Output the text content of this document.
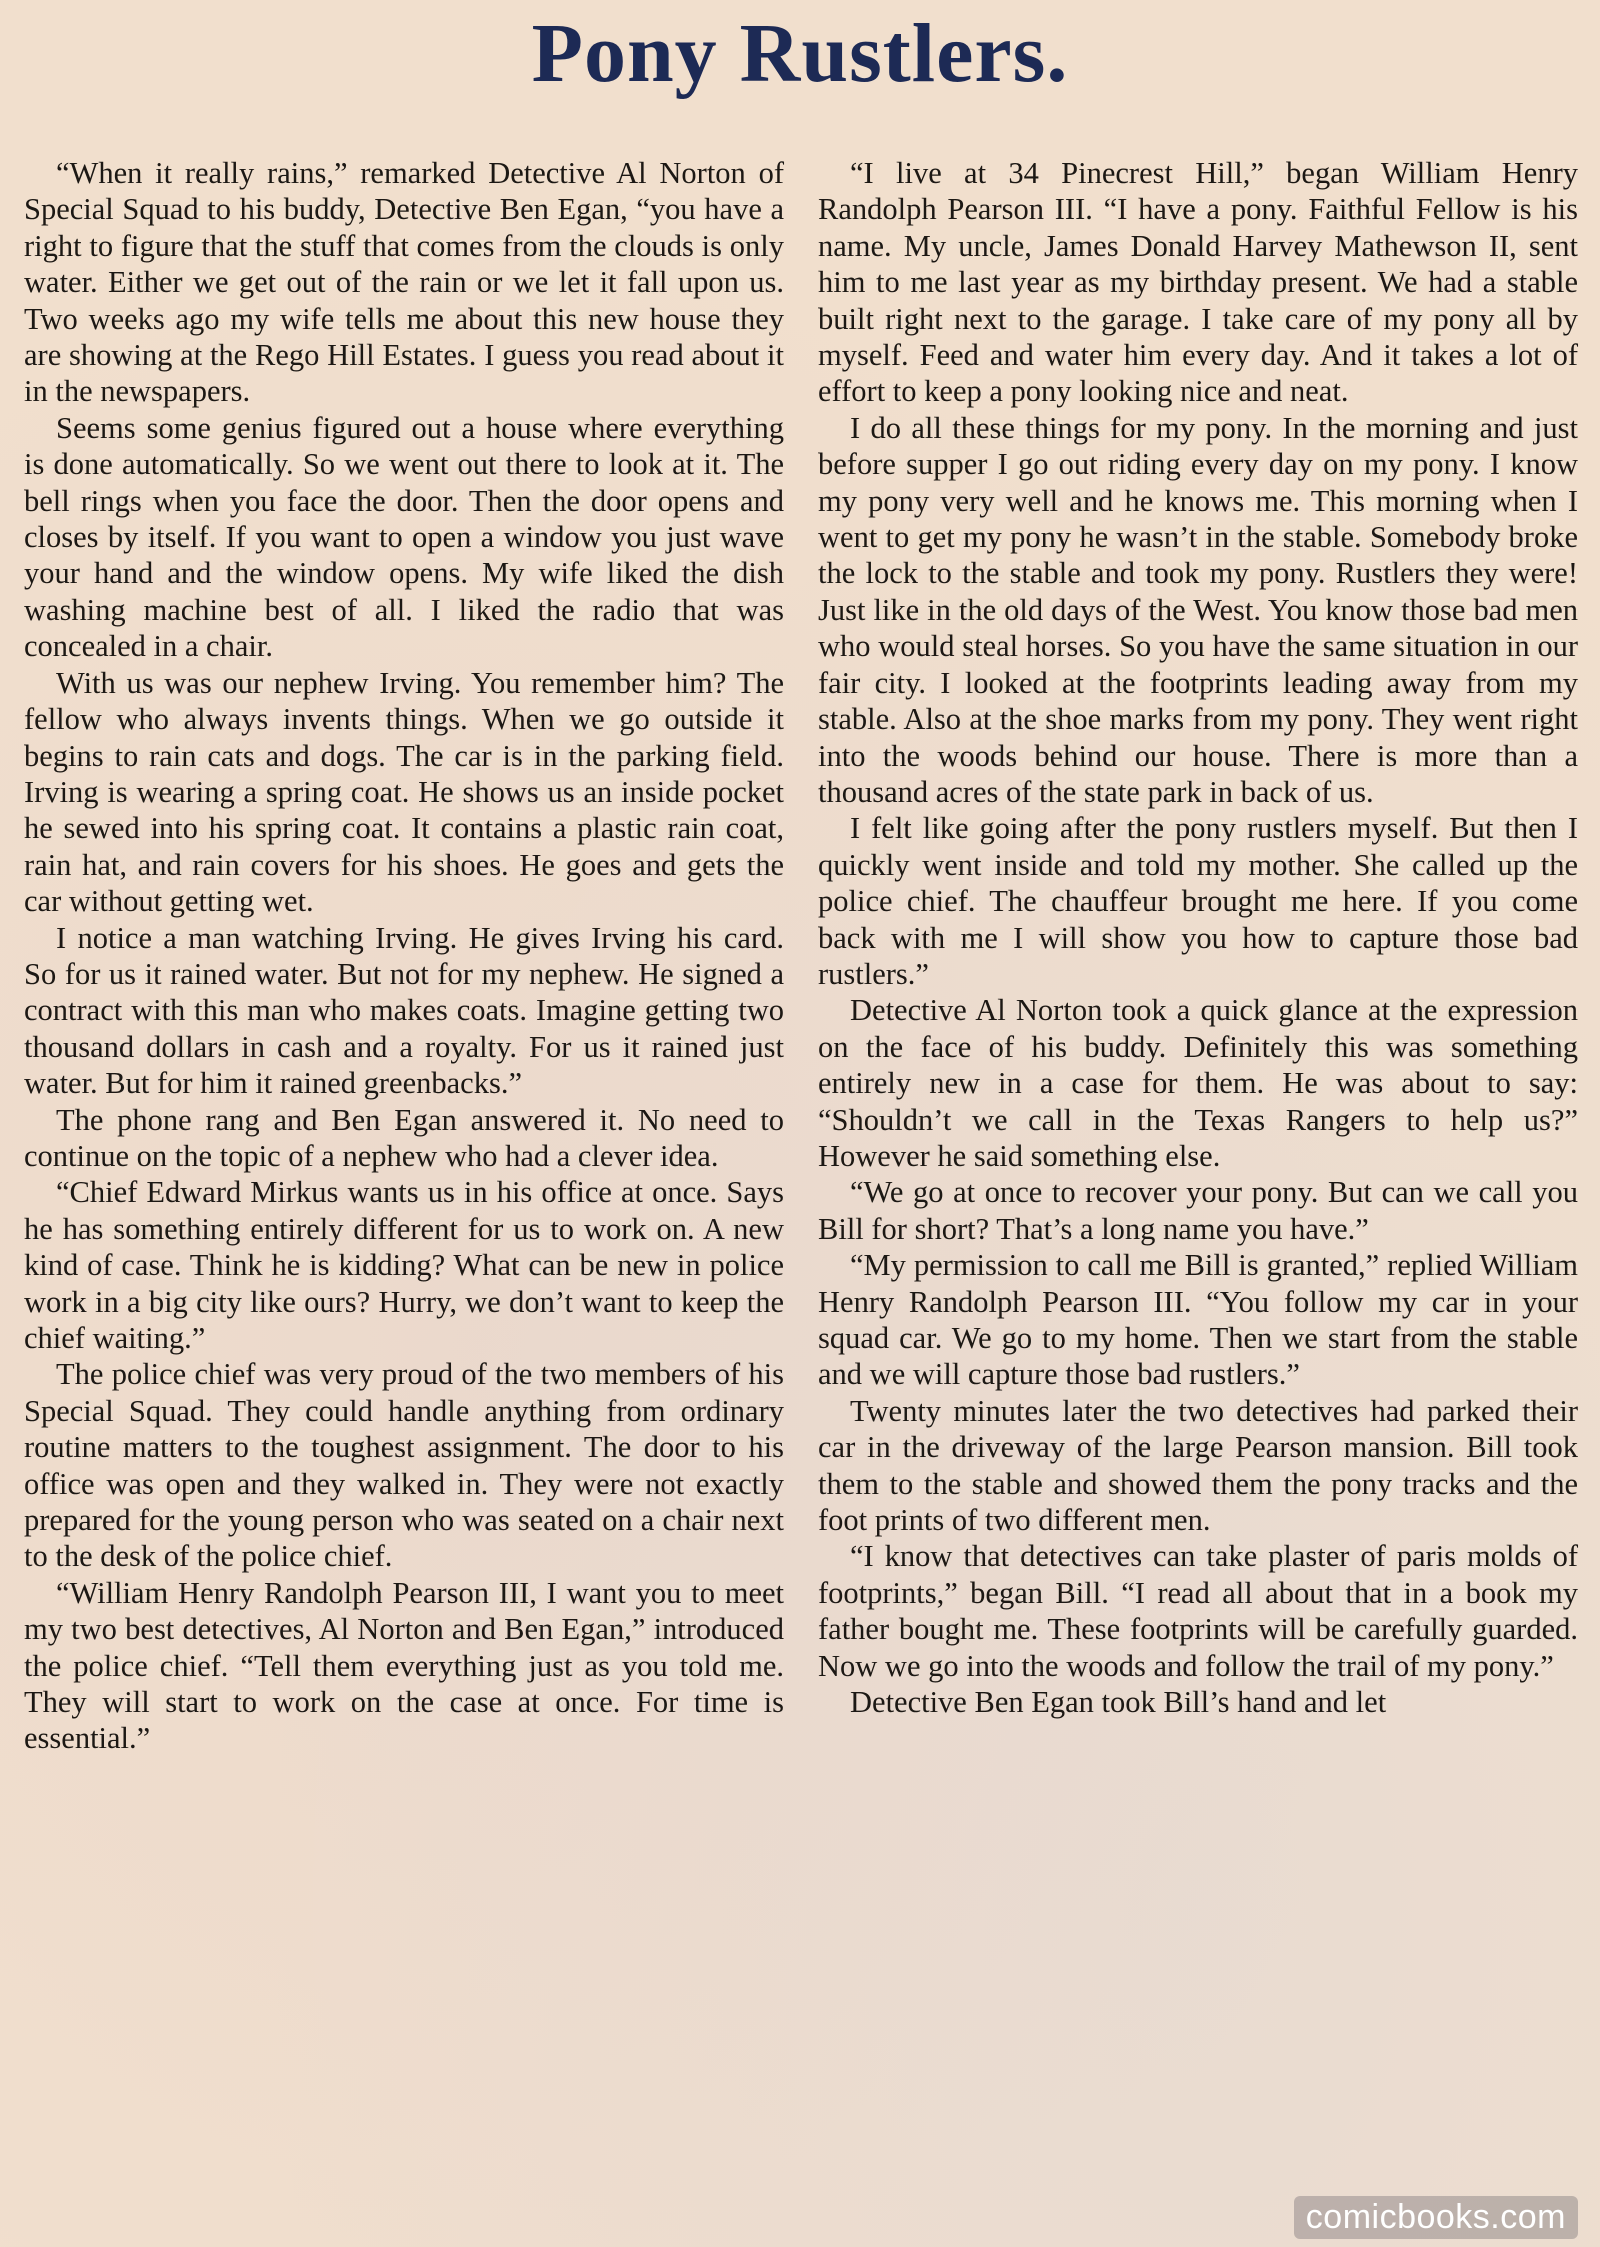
Pony Rustlers.

“When it really rains,” remarked Detective Al Norton of Special Squad to his buddy, Detective Ben Egan, “you have a right to figure that the stuff that comes from the clouds is only water. Either we get out of the rain or we let it fall upon us. Two weeks ago my wife tells me about this new house they are showing at the Rego Hill Estates. I guess you read about it in the newspapers.

Seems some genius figured out a house where everything is done automatically. So we went out there to look at it. The bell rings when you face the door. Then the door opens and closes by itself. If you want to open a window you just wave your hand and the window opens. My wife liked the dish washing machine best of all. I liked the radio that was concealed in a chair.

With us was our nephew Irving. You remember him? The fellow who always invents things. When we go outside it begins to rain cats and dogs. The car is in the parking field. Irving is wearing a spring coat. He shows us an inside pocket he sewed into his spring coat. It contains a plastic rain coat, rain hat, and rain covers for his shoes. He goes and gets the car without getting wet.

I notice a man watching Irving. He gives Irving his card. So for us it rained water. But not for my nephew. He signed a contract with this man who makes coats. Imagine getting two thousand dollars in cash and a royalty. For us it rained just water. But for him it rained greenbacks.”

The phone rang and Ben Egan answered it. No need to continue on the topic of a nephew who had a clever idea.

“Chief Edward Mirkus wants us in his office at once. Says he has something entirely different for us to work on. A new kind of case. Think he is kidding? What can be new in police work in a big city like ours? Hurry, we don’t want to keep the chief waiting.”

The police chief was very proud of the two members of his Special Squad. They could handle anything from ordinary routine matters to the toughest assignment. The door to his office was open and they walked in. They were not exactly prepared for the young person who was seated on a chair next to the desk of the police chief.

“William Henry Randolph Pearson III, I want you to meet my two best detectives, Al Norton and Ben Egan,” introduced the police chief. “Tell them everything just as you told me. They will start to work on the case at once. For time is essential.”

“I live at 34 Pinecrest Hill,” began William Henry Randolph Pearson III. “I have a pony. Faithful Fellow is his name. My uncle, James Donald Harvey Mathewson II, sent him to me last year as my birthday present. We had a stable built right next to the garage. I take care of my pony all by myself. Feed and water him every day. And it takes a lot of effort to keep a pony looking nice and neat.

I do all these things for my pony. In the morning and just before supper I go out riding every day on my pony. I know my pony very well and he knows me. This morning when I went to get my pony he wasn’t in the stable. Somebody broke the lock to the stable and took my pony. Rustlers they were! Just like in the old days of the West. You know those bad men who would steal horses. So you have the same situation in our fair city. I looked at the footprints leading away from my stable. Also at the shoe marks from my pony. They went right into the woods behind our house. There is more than a thousand acres of the state park in back of us.

I felt like going after the pony rustlers myself. But then I quickly went inside and told my mother. She called up the police chief. The chauffeur brought me here. If you come back with me I will show you how to capture those bad rustlers.”

Detective Al Norton took a quick glance at the expression on the face of his buddy. Definitely this was something entirely new in a case for them. He was about to say: “Shouldn’t we call in the Texas Rangers to help us?” However he said something else.

“We go at once to recover your pony. But can we call you Bill for short? That’s a long name you have.”

“My permission to call me Bill is granted,” replied William Henry Randolph Pearson III. “You follow my car in your squad car. We go to my home. Then we start from the stable and we will capture those bad rustlers.”

Twenty minutes later the two detectives had parked their car in the driveway of the large Pearson mansion. Bill took them to the stable and showed them the pony tracks and the foot prints of two different men.

“I know that detectives can take plaster of paris molds of footprints,” began Bill. “I read all about that in a book my father bought me. These footprints will be carefully guarded. Now we go into the woods and follow the trail of my pony.”

Detective Ben Egan took Bill’s hand and let

comicbooks.com
